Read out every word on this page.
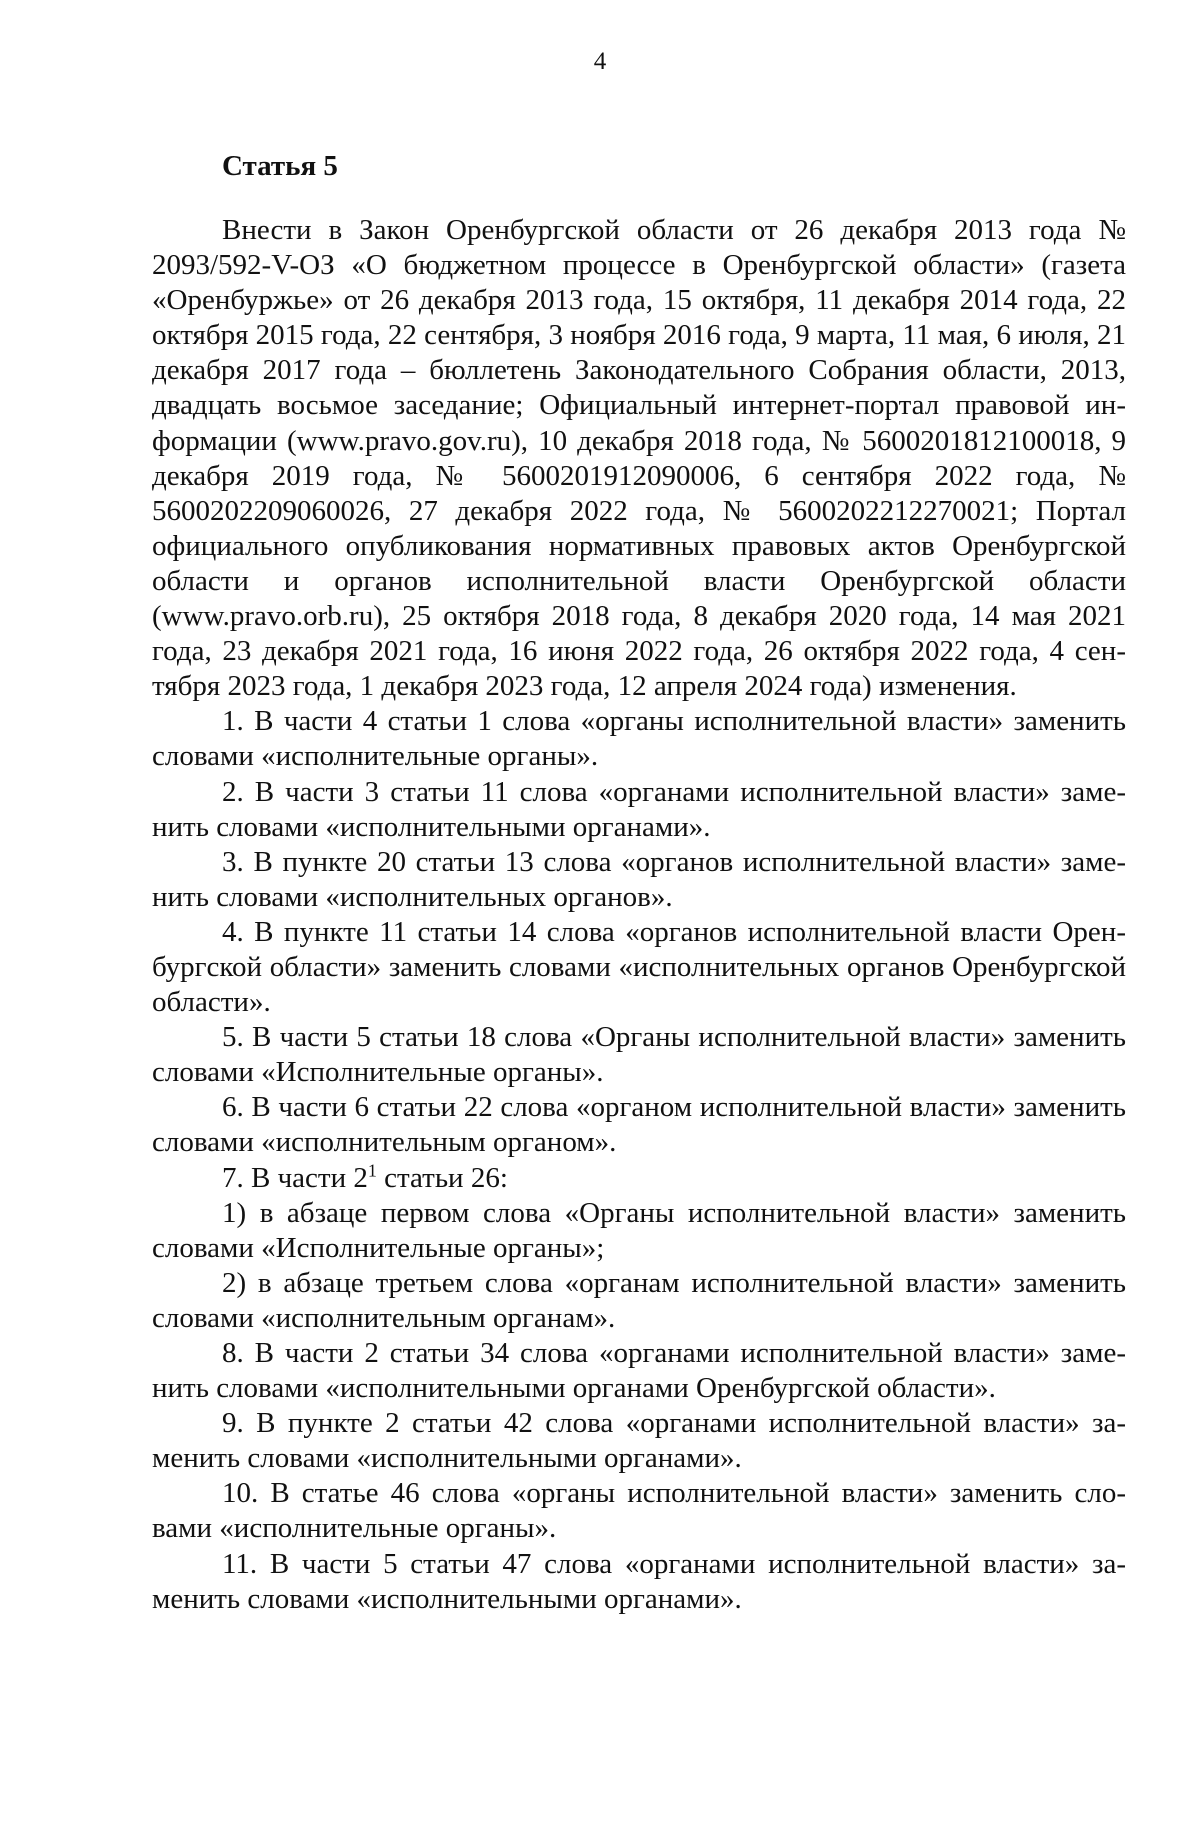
4
Статья 5

Внести в Закон Оренбургской области от 26 декабря 2013 года № 2093/592-V-ОЗ «О бюджетном процессе в Оренбургской области» (газета «Оренбуржье» от 26 декабря 2013 года, 15 октября, 11 декабря 2014 года, 22 октября 2015 года, 22 сентября, 3 ноября 2016 года, 9 марта, 11 мая, 6 июля, 21 декабря 2017 года – бюллетень Законодательного Собрания области, 2013, двадцать восьмое заседание; Официальный интернет-портал правовой информации (www.pravo.gov.ru), 10 декабря 2018 года, № 5600201812100018, 9 декабря 2019 года, № 5600201912090006, 6 сентября 2022 года, № 5600202209060026, 27 декабря 2022 года, № 5600202212270021; Портал официального опубликования нормативных правовых актов Оренбургской области и органов исполнительной власти Оренбургской области (www.pravo.orb.ru), 25 октября 2018 года, 8 декабря 2020 года, 14 мая 2021 года, 23 декабря 2021 года, 16 июня 2022 года, 26 октября 2022 года, 4 сентября 2023 года, 1 декабря 2023 года, 12 апреля 2024 года) изменения.

1. В части 4 статьи 1 слова «органы исполнительной власти» заменить словами «исполнительные органы».

2. В части 3 статьи 11 слова «органами исполнительной власти» заменить словами «исполнительными органами».

3. В пункте 20 статьи 13 слова «органов исполнительной власти» заменить словами «исполнительных органов».

4. В пункте 11 статьи 14 слова «органов исполнительной власти Оренбургской области» заменить словами «исполнительных органов Оренбургской области».

5. В части 5 статьи 18 слова «Органы исполнительной власти» заменить словами «Исполнительные органы».

6. В части 6 статьи 22 слова «органом исполнительной власти» заменить словами «исполнительным органом».

7. В части $2^1$ статьи 26:

1) в абзаце первом слова «Органы исполнительной власти» заменить словами «Исполнительные органы»;

2) в абзаце третьем слова «органам исполнительной власти» заменить словами «исполнительным органам».

8. В части 2 статьи 34 слова «органами исполнительной власти» заменить словами «исполнительными органами Оренбургской области».

9. В пункте 2 статьи 42 слова «органами исполнительной власти» заменить словами «исполнительными органами».

10. В статье 46 слова «органы исполнительной власти» заменить словами «исполнительные органы».

11. В части 5 статьи 47 слова «органами исполнительной власти» заменить словами «исполнительными органами».
